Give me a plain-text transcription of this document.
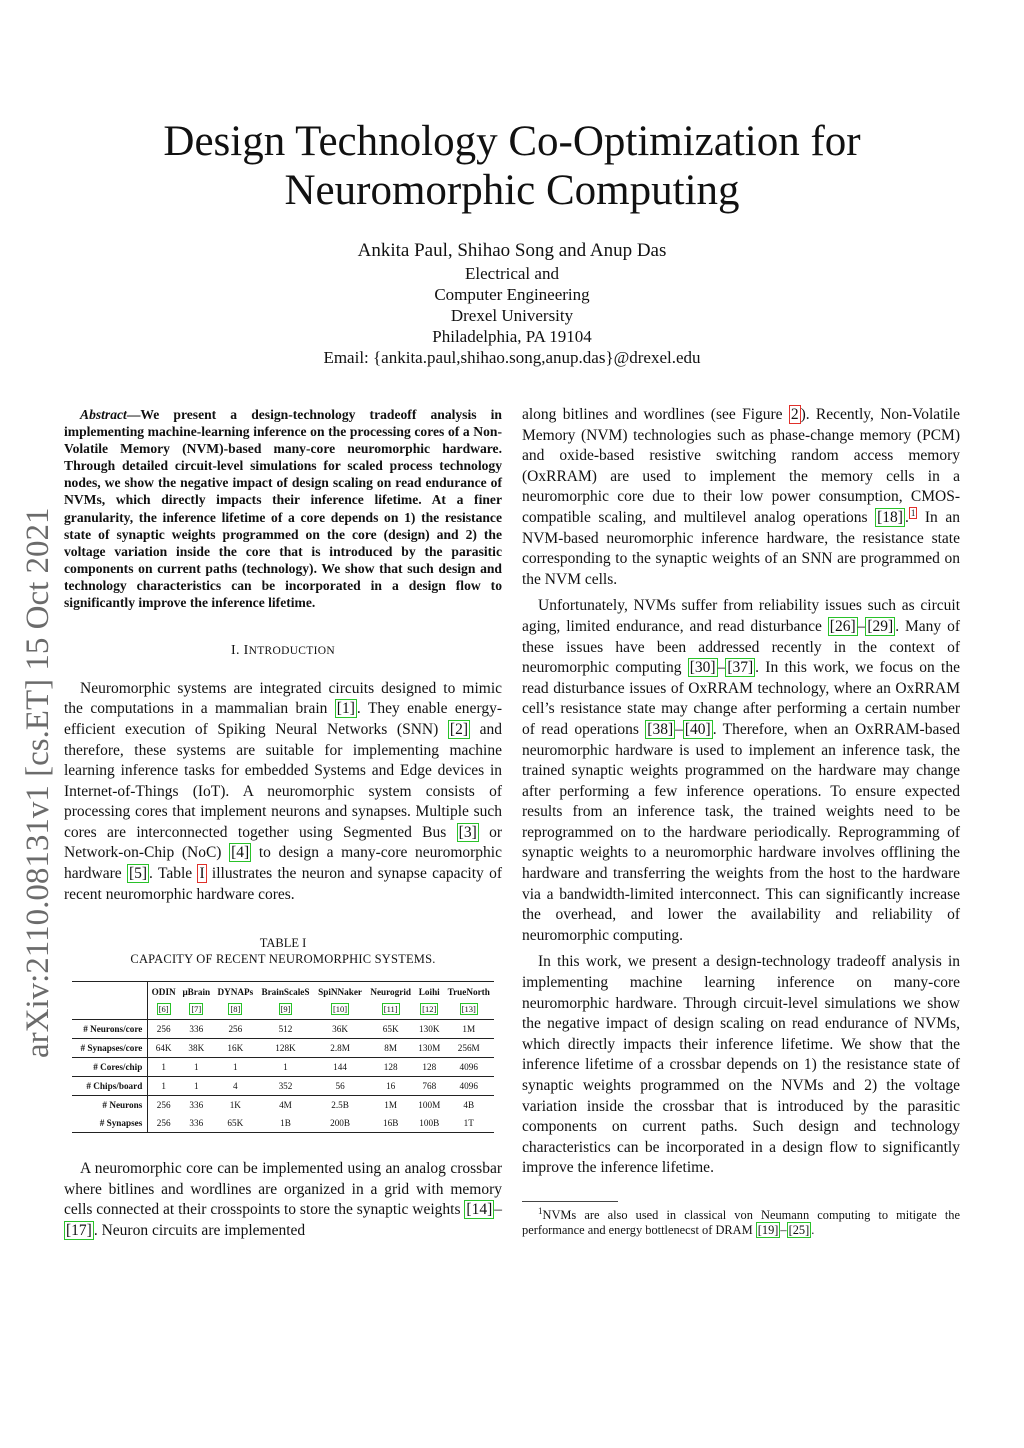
Design Technology Co-Optimization for
Neuromorphic Computing
Ankita Paul, Shihao Song and Anup Das
Electrical and
Computer Engineering
Drexel University
Philadelphia, PA 19104
Email: {ankita.paul,shihao.song,anup.das}@drexel.edu
arXiv:2110.08131v1 [cs.ET] 15 Oct 2021

Abstract—We present a design-technology tradeoff analysis in implementing machine-learning inference on the processing cores of a Non-Volatile Memory (NVM)-based many-core neuromorphic hardware. Through detailed circuit-level simulations for scaled process technology nodes, we show the negative impact of design scaling on read endurance of NVMs, which directly impacts their inference lifetime. At a finer granularity, the inference lifetime of a core depends on 1) the resistance state of synaptic weights programmed on the core (design) and 2) the voltage variation inside the core that is introduced by the parasitic components on current paths (technology). We show that such design and technology characteristics can be incorporated in a design flow to significantly improve the inference lifetime.

I. INTRODUCTION

Neuromorphic systems are integrated circuits designed to mimic the computations in a mammalian brain [1] . They enable energy-efficient execution of Spiking Neural Networks (SNN) [2] and therefore, these systems are suitable for implementing machine learning inference tasks for embedded Systems and Edge devices in Internet-of-Things (IoT). A neuromorphic system consists of processing cores that implement neurons and synapses. Multiple such cores are interconnected together using Segmented Bus [3] or Network-on-Chip (NoC) [4] to design a many-core neuromorphic hardware [5] . Table I illustrates the neuron and synapse capacity of recent neuromorphic hardware cores.

TABLE I
CAPACITY OF RECENT NEUROMORPHIC SYSTEMS.
	ODIN	μBrain	DYNAPs	BrainScaleS	SpiNNaker	Neurogrid	Loihi	TrueNorth
	[6]	[7]	[8]	[9]	[10]	[11]	[12]	[13]
# Neurons/core	256	336	256	512	36K	65K	130K	1M
# Synapses/core	64K	38K	16K	128K	2.8M	8M	130M	256M
# Cores/chip	1	1	1	1	144	128	128	4096
# Chips/board	1	1	4	352	56	16	768	4096
# Neurons	256	336	1K	4M	2.5B	1M	100M	4B
# Synapses	256	336	65K	1B	200B	16B	100B	1T

A neuromorphic core can be implemented using an analog crossbar where bitlines and wordlines are organized in a grid with memory cells connected at their crosspoints to store the synaptic weights [14] –[17] . Neuron circuits are implemented

along bitlines and wordlines (see Figure 2 ). Recently, Non-Volatile Memory (NVM) technologies such as phase-change memory (PCM) and oxide-based resistive switching random access memory (OxRRAM) are used to implement the memory cells in a neuromorphic core due to their low power consumption, CMOS-compatible scaling, and multilevel analog operations [18] . $^1$ In an NVM-based neuromorphic inference hardware, the resistance state corresponding to the synaptic weights of an SNN are programmed on the NVM cells.

Unfortunately, NVMs suffer from reliability issues such as circuit aging, limited endurance, and read disturbance [26] – [29] . Many of these issues have been addressed recently in the context of neuromorphic computing [30] – [37] . In this work, we focus on the read disturbance issues of OxRRAM technology, where an OxRRAM cell’s resistance state may change after performing a certain number of read operations [38] – [40] . Therefore, when an OxRRAM-based neuromorphic hardware is used to implement an inference task, the trained synaptic weights programmed on the hardware may change after performing a few inference operations. To ensure expected results from an inference task, the trained weights need to be reprogrammed on to the hardware periodically. Reprogramming of synaptic weights to a neuromorphic hardware involves offlining the hardware and transferring the weights from the host to the hardware via a bandwidth-limited interconnect. This can significantly increase the overhead, and lower the availability and reliability of neuromorphic computing.

In this work, we present a design-technology tradeoff analysis in implementing machine learning inference on many-core neuromorphic hardware. Through circuit-level simulations we show the negative impact of design scaling on read endurance of NVMs, which directly impacts their inference lifetime. We show that the inference lifetime of a crossbar depends on 1) the resistance state of synaptic weights programmed on the NVMs and 2) the voltage variation inside the crossbar that is introduced by the parasitic components on current paths. Such design and technology characteristics can be incorporated in a design flow to significantly improve the inference lifetime.

$^1$NVMs are also used in classical von Neumann computing to mitigate the performance and energy bottlenecst of DRAM [19] – [25] .
